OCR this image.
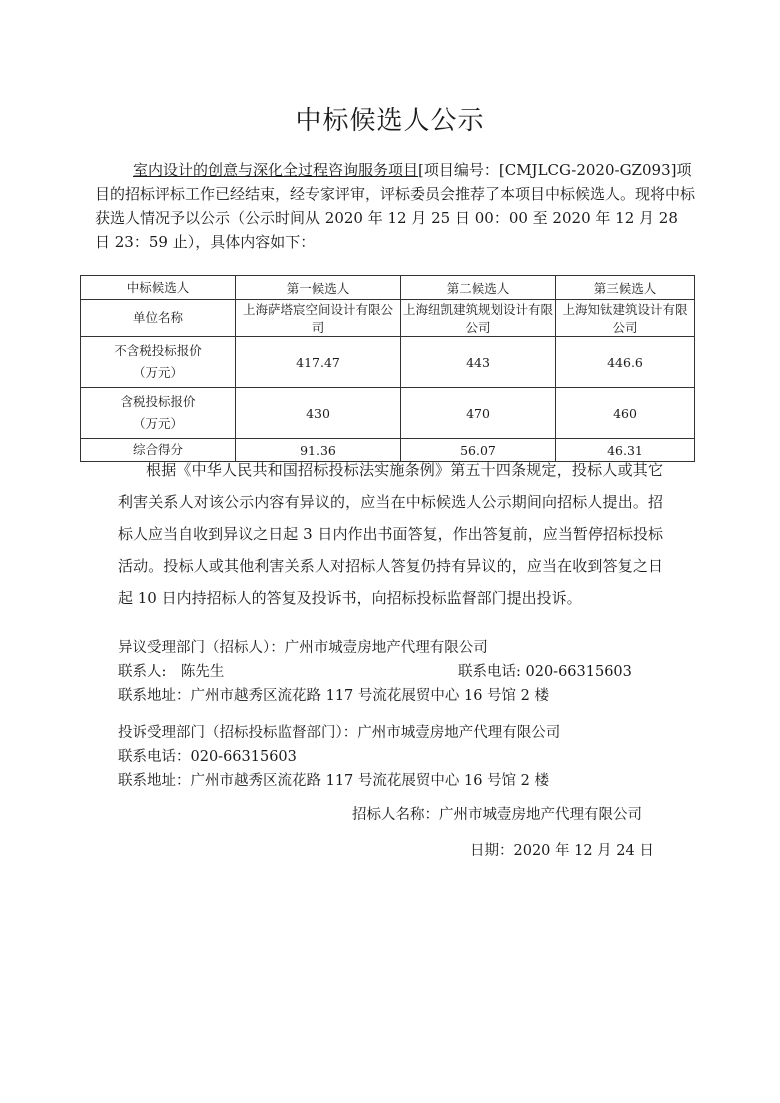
中标候选人公示
室内设计的创意与深化全过程咨询服务项目[项目编号：[CMJLCG-2020-GZ093]项目的招标评标工作已经结束，经专家评审，评标委员会推荐了本项目中标候选人。现将中标获选人情况予以公示（公示时间从 2020 年 12 月 25 日 00：00 至 2020 年 12 月 28 日 23：59 止），具体内容如下：
中标候选人	第一候选人	第二候选人	第三候选人
单位名称	上海萨塔宸空间设计有限公司	上海纽凯建筑规划设计有限公司	上海知钛建筑设计有限公司

不含税投标报价
（万元）	417.47	443	446.6

含税投标报价
（万元）	430	470	460
综合得分	91.36	56.07	46.31
根据《中华人民共和国招标投标法实施条例》第五十四条规定，投标人或其它利害关系人对该公示内容有异议的，应当在中标候选人公示期间向招标人提出。招标人应当自收到异议之日起 3 日内作出书面答复，作出答复前，应当暂停招标投标活动。投标人或其他利害关系人对招标人答复仍持有异议的，应当在收到答复之日起 10 日内持招标人的答复及投诉书，向招标投标监督部门提出投诉。
异议受理部门（招标人）：广州市城壹房地产代理有限公司
联系人:　陈先生	联系电话: 020-66315603
联系地址：广州市越秀区流花路 117 号流花展贸中心 16 号馆 2 楼
投诉受理部门（招标投标监督部门）：广州市城壹房地产代理有限公司
联系电话：020-66315603
联系地址：广州市越秀区流花路 117 号流花展贸中心 16 号馆 2 楼
招标人名称：广州市城壹房地产代理有限公司
日期：2020 年 12 月 24 日
